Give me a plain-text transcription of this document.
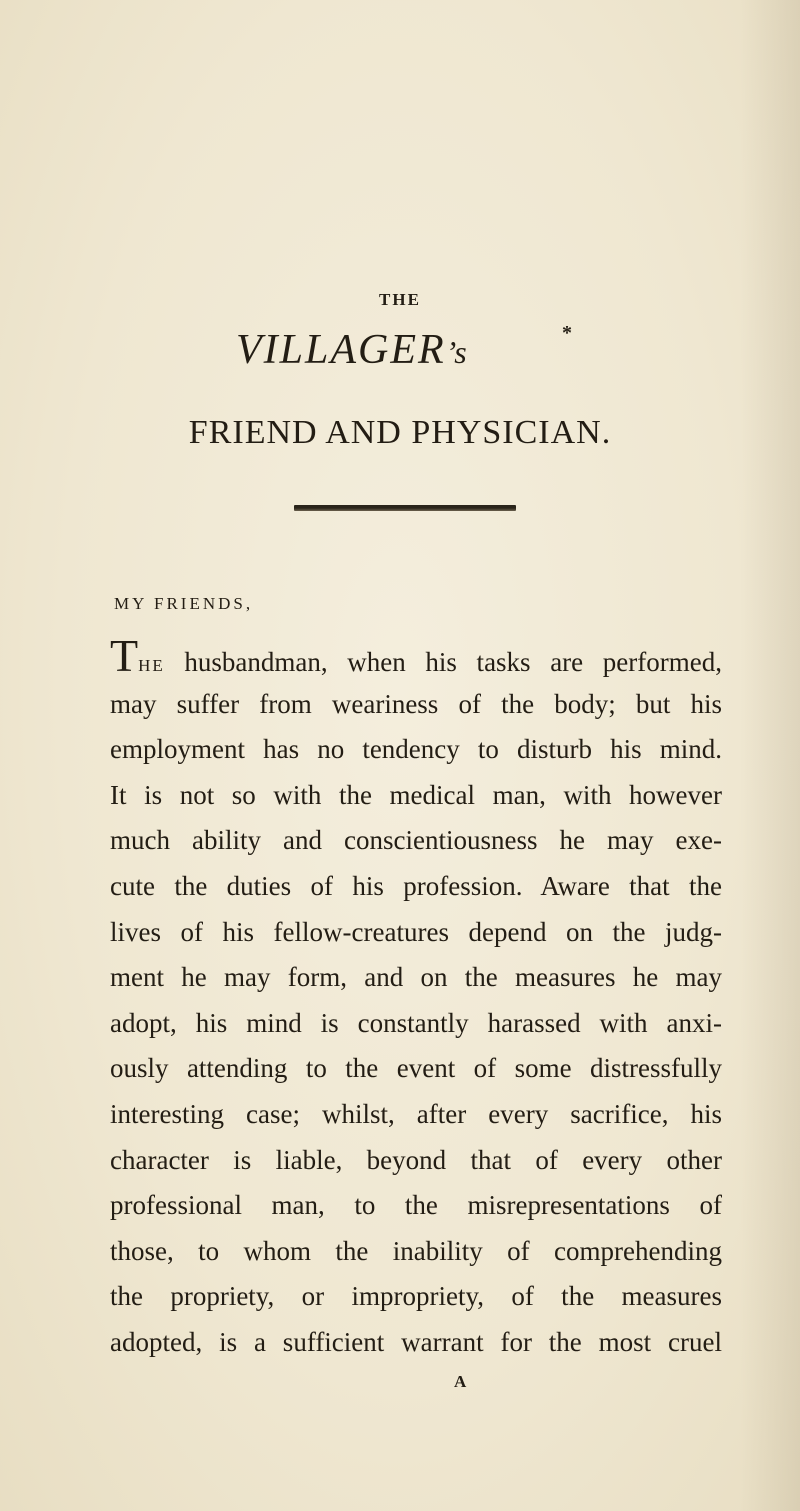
THE
VILLAGER’s
*
FRIEND AND PHYSICIAN.
MY FRIENDS,
THE husbandman, when his tasks are performed,
may suffer from weariness of the body; but his
employment has no tendency to disturb his mind.
It is not so with the medical man, with however
much ability and conscientiousness he may exe-
cute the duties of his profession. Aware that the
lives of his fellow-creatures depend on the judg-
ment he may form, and on the measures he may
adopt, his mind is constantly harassed with anxi-
ously attending to the event of some distressfully
interesting case; whilst, after every sacrifice, his
character is liable, beyond that of every other
professional man, to the misrepresentations of
those, to whom the inability of comprehending
the propriety, or impropriety, of the measures
adopted, is a sufficient warrant for the most cruel
A
